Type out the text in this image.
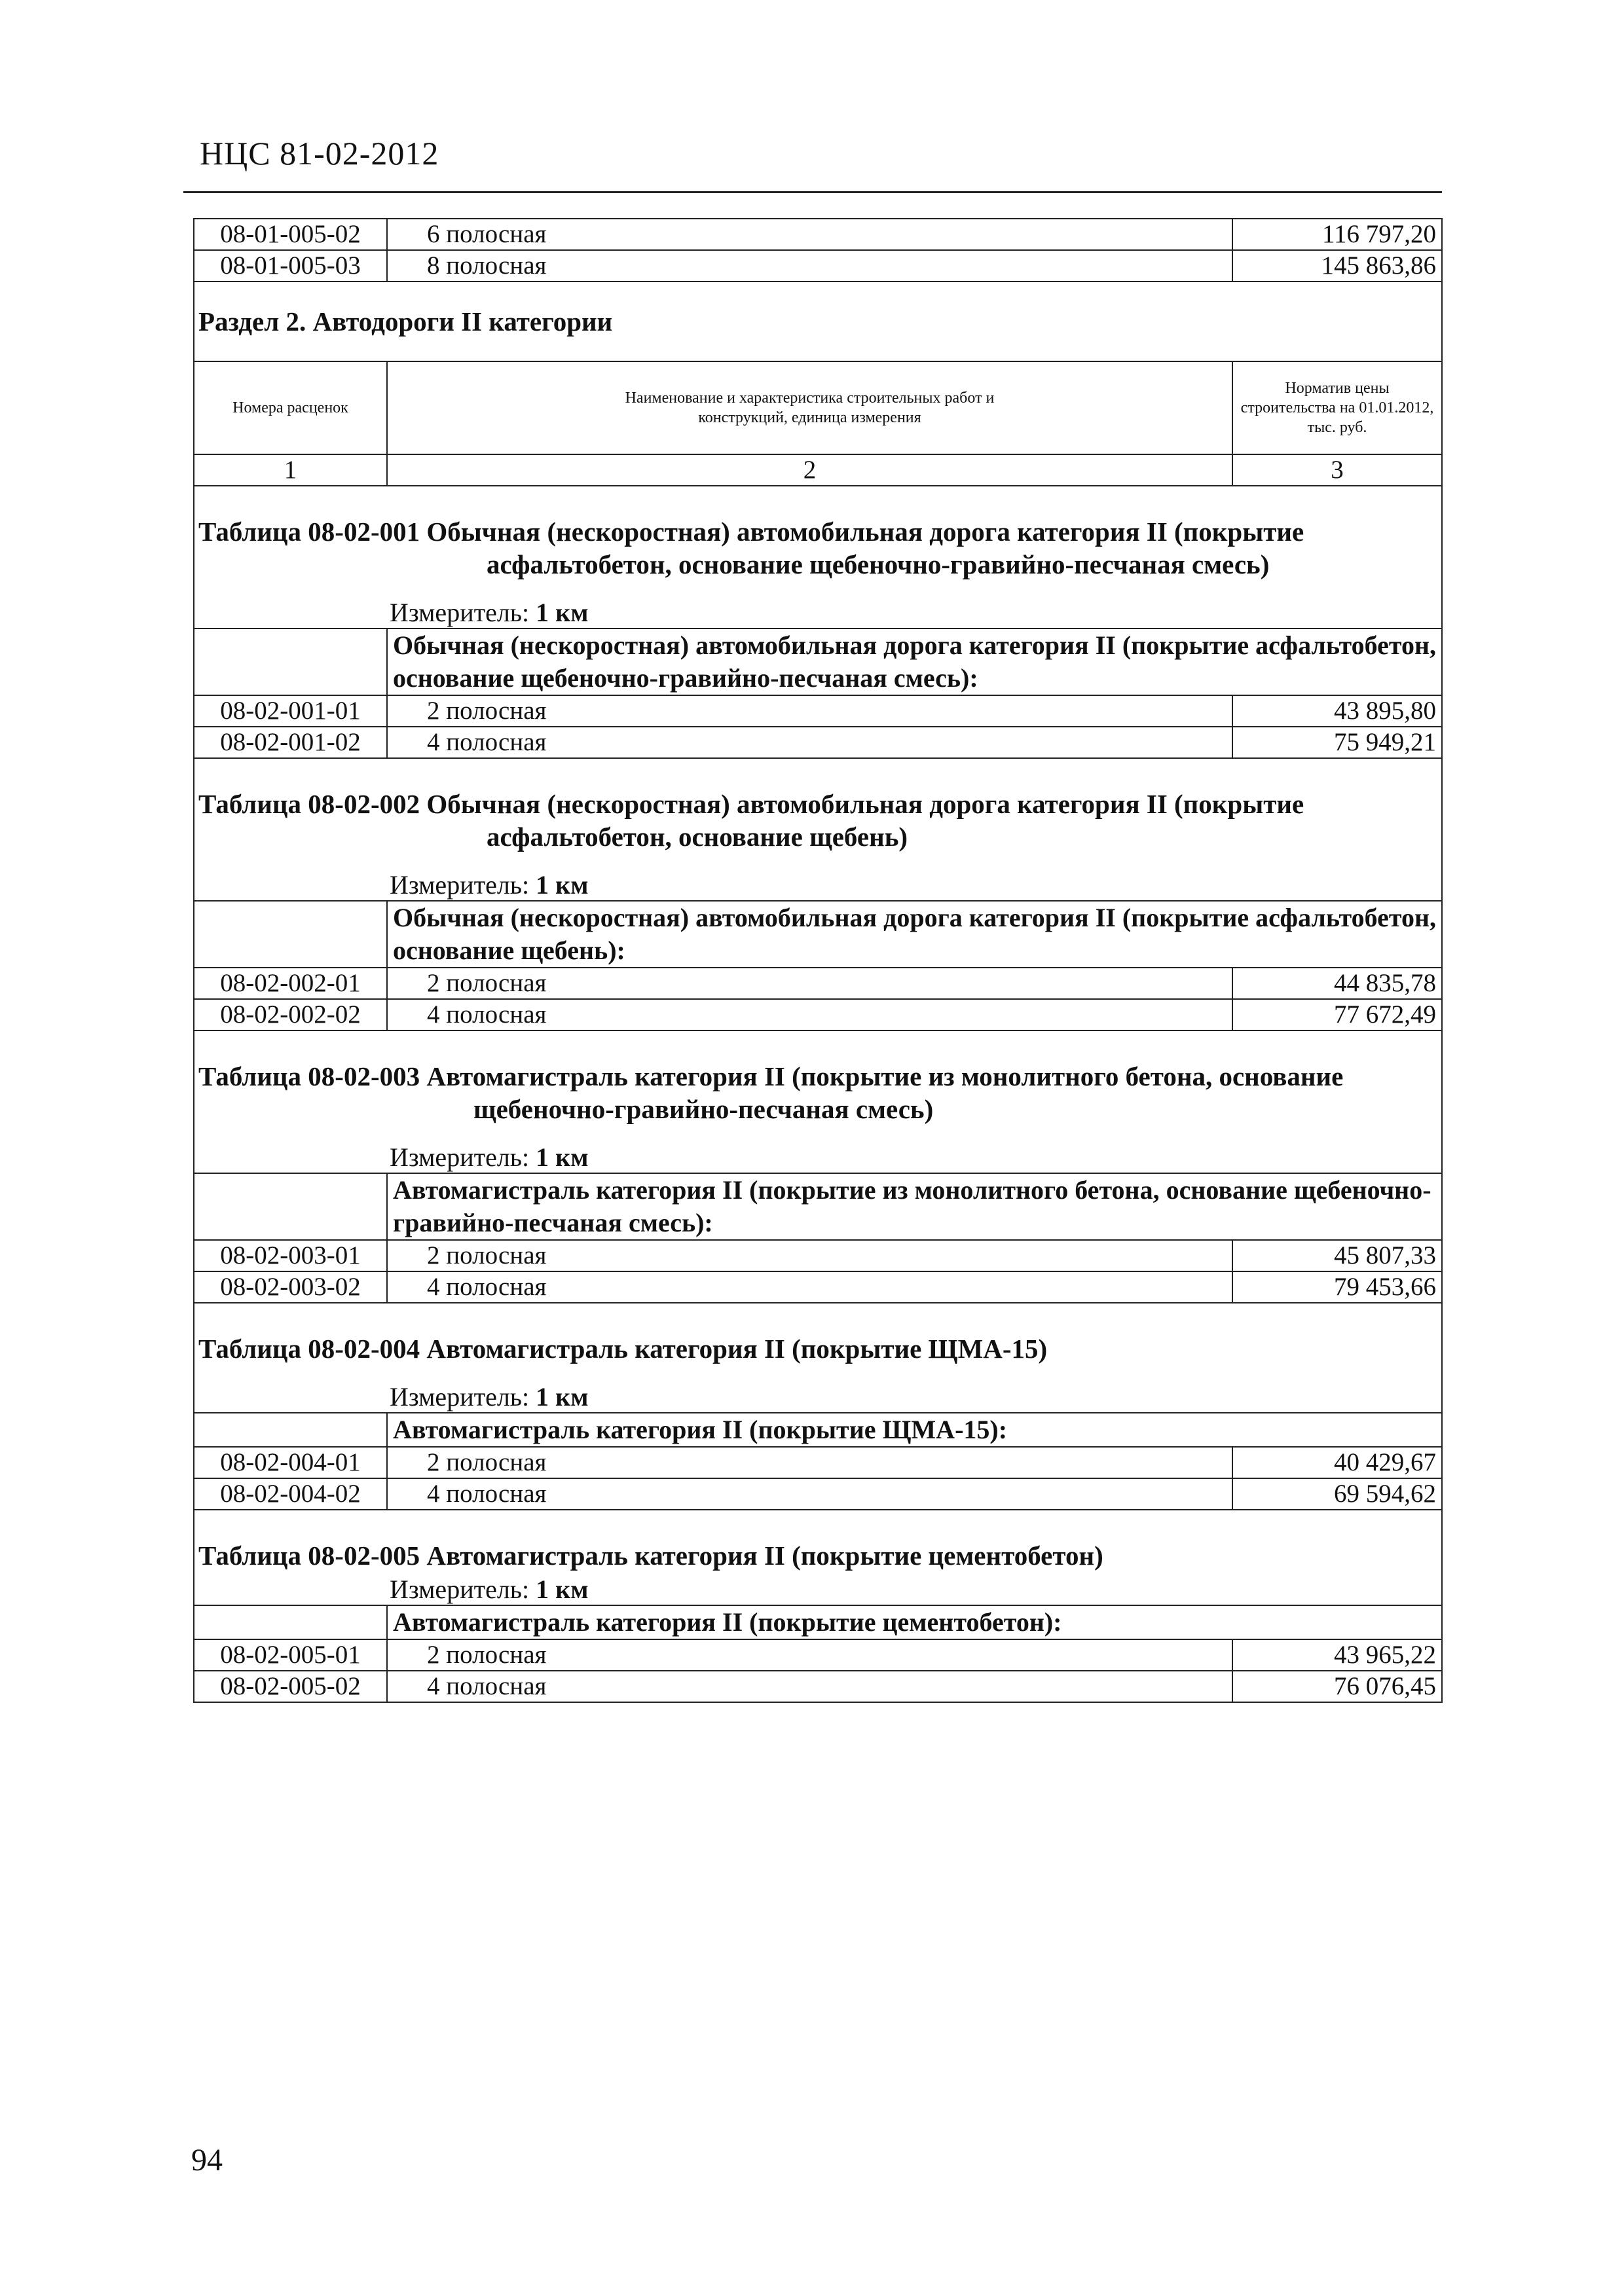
НЦС 81-02-2012
08-01-005-02	6 полосная	116 797,20
08-01-005-03	8 полосная	145 863,86
Раздел 2. Автодороги II категории		
Номера расценок	Наименование и характеристика строительных работ и конструкций, единица измерения	Норматив цены строительства на 01.01.2012, тыс. руб.
1	2	3

Таблица 08-02-001 Обычная (нескоростная) автомобильная дорога категория II (покрытие
асфальтобетон, основание щебеночно-гравийно-песчаная смесь)		

Измеритель: 1 км		
	Обычная (нескоростная) автомобильная дорога категория II (покрытие асфальтобетон, основание щебеночно-гравийно-песчаная смесь):	
08-02-001-01	2 полосная	43 895,80
08-02-001-02	4 полосная	75 949,21

Таблица 08-02-002 Обычная (нескоростная) автомобильная дорога категория II (покрытие
асфальтобетон, основание щебень)		

Измеритель: 1 км		
	Обычная (нескоростная) автомобильная дорога категория II (покрытие асфальтобетон, основание щебень):	
08-02-002-01	2 полосная	44 835,78
08-02-002-02	4 полосная	77 672,49

Таблица 08-02-003 Автомагистраль категория II (покрытие из монолитного бетона, основание
щебеночно-гравийно-песчаная смесь)		

Измеритель: 1 км		
	Автомагистраль категория II (покрытие из монолитного бетона, основание щебеночно-гравийно-песчаная смесь):	
08-02-003-01	2 полосная	45 807,33
08-02-003-02	4 полосная	79 453,66

Таблица 08-02-004 Автомагистраль категория II (покрытие ЩМА-15)		

Измеритель: 1 км		
	Автомагистраль категория II (покрытие ЩМА-15):	
08-02-004-01	2 полосная	40 429,67
08-02-004-02	4 полосная	69 594,62

Таблица 08-02-005 Автомагистраль категория II (покрытие цементобетон)		

Измеритель: 1 км		
	Автомагистраль категория II (покрытие цементобетон):	
08-02-005-01	2 полосная	43 965,22
08-02-005-02	4 полосная	76 076,45
94
